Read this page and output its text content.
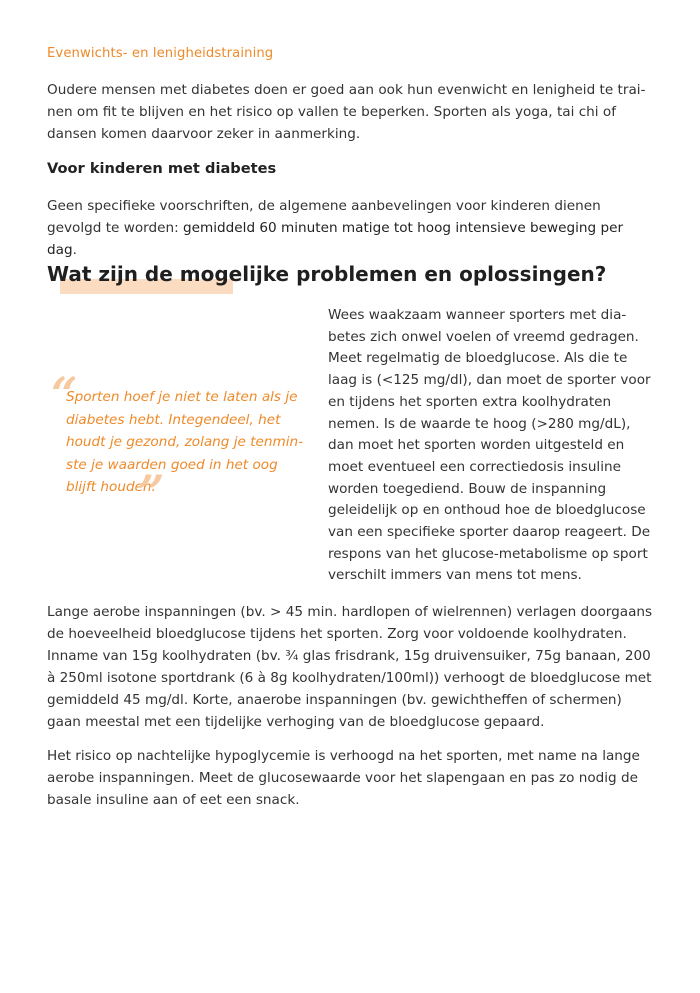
Evenwichts- en lenigheidstraining
Oudere mensen met diabetes doen er goed aan ook hun evenwicht en lenigheid te trai-nen om fit te blijven en het risico op vallen te beperken. Sporten als yoga, tai chi of dansen komen daarvoor zeker in aanmerking.
Voor kinderen met diabetes
Geen specifieke voorschriften, de algemene aanbevelingen voor kinderen dienen gevolgd te worden: gemiddeld 60 minuten matige tot hoog intensieve beweging per dag.
Wat zijn de mogelijke problemen en oplossingen?
“
Sporten hoef je niet te laten als je diabetes hebt. Integendeel, het houdt je gezond, zolang je tenmin-ste je waarden goed in het oog blijft houden.
”
Wees waakzaam wanneer sporters met dia-betes zich onwel voelen of vreemd gedragen. Meet regelmatig de bloedglucose. Als die te laag is (<125 mg/dl), dan moet de sporter voor en tijdens het sporten extra koolhydraten nemen. Is de waarde te hoog (>280 mg/dL), dan moet het sporten worden uitgesteld en moet eventueel een correctiedosis insuline worden toegediend. Bouw de inspanning geleidelijk op en onthoud hoe de bloedglucose van een specifieke sporter daarop reageert. De respons van het glucose-metabolisme op sport verschilt immers van mens tot mens.
Lange aerobe inspanningen (bv. > 45 min. hardlopen of wielrennen) verlagen doorgaans de hoeveelheid bloedglucose tijdens het sporten. Zorg voor voldoende koolhydraten. Inname van 15g koolhydraten (bv. ¾ glas frisdrank, 15g druivensuiker, 75g banaan, 200 à 250ml isotone sportdrank (6 à 8g koolhydraten/100ml)) verhoogt de bloedglucose met gemiddeld 45 mg/dl. Korte, anaerobe inspanningen (bv. gewichtheffen of schermen) gaan meestal met een tijdelijke verhoging van de bloedglucose gepaard.
Het risico op nachtelijke hypoglycemie is verhoogd na het sporten, met name na lange aerobe inspanningen. Meet de glucosewaarde voor het slapengaan en pas zo nodig de basale insuline aan of eet een snack.
